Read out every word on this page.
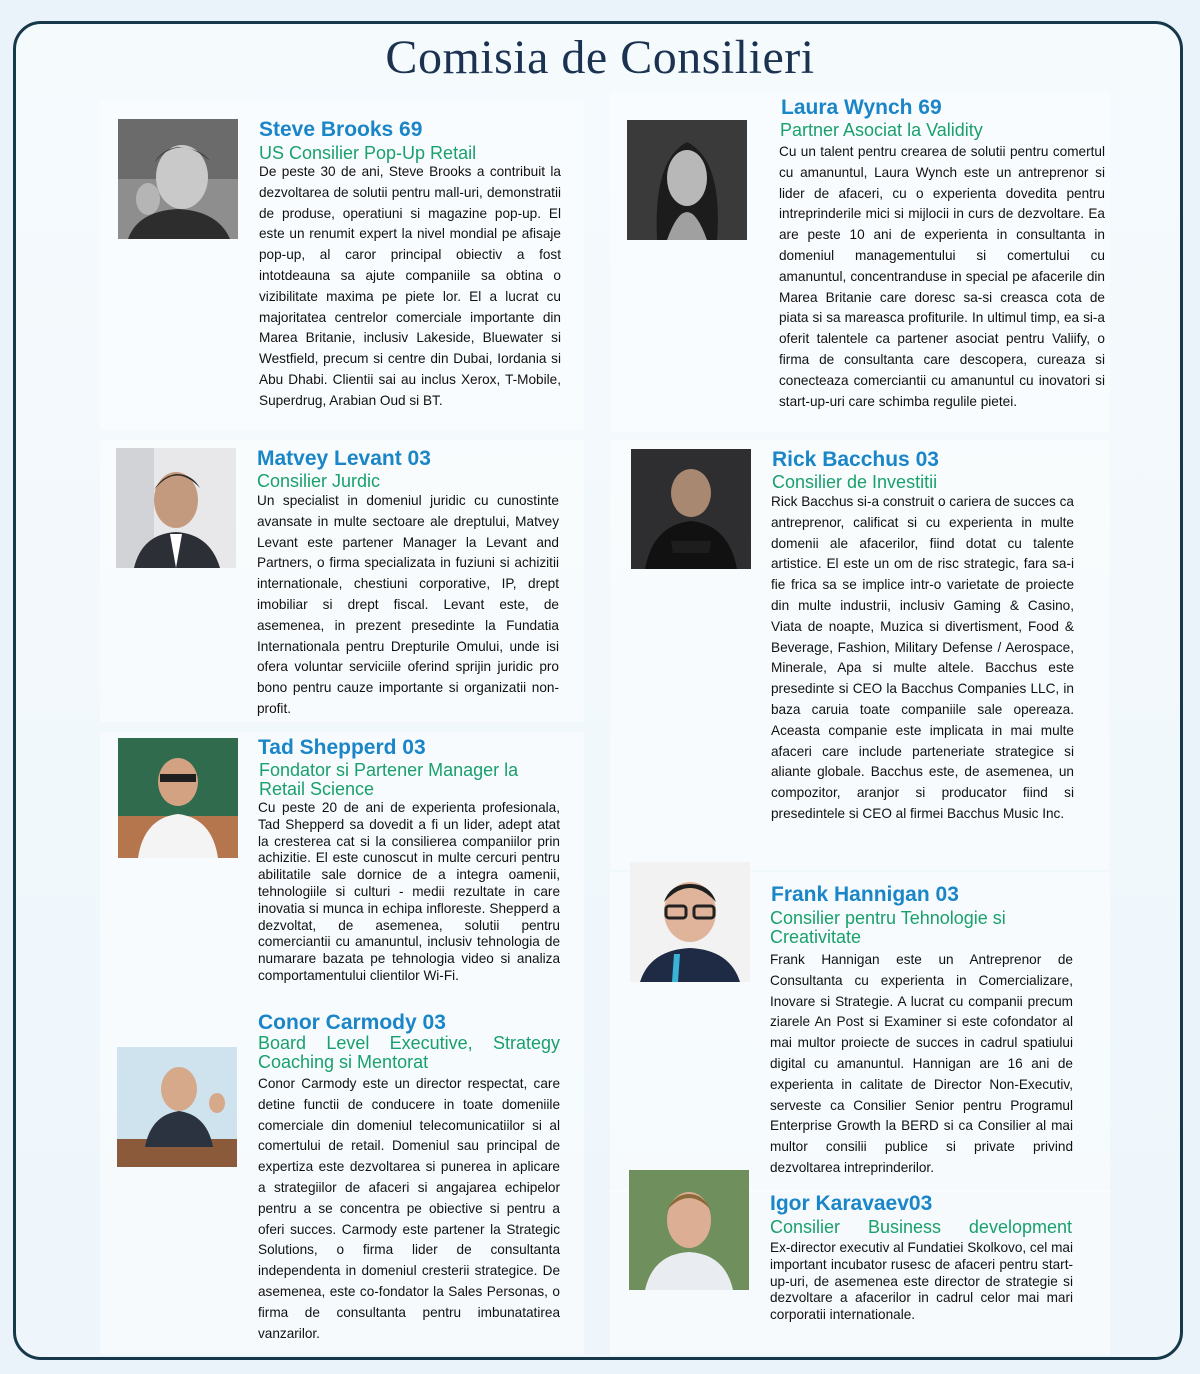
Comisia de Consilieri
Steve Brooks 69
US Consilier Pop-Up Retail
De peste 30 de ani, Steve Brooks a contribuit la dezvoltarea de solutii pentru mall-uri, demonstratii de produse, operatiuni si magazine pop-up. El este un renumit expert la nivel mondial pe afisaje pop-up, al caror principal obiectiv a fost intotdeauna sa ajute companiile sa obtina o vizibilitate maxima pe piete lor. El a lucrat cu majoritatea centrelor comerciale importante din Marea Britanie, inclusiv Lakeside, Bluewater si Westfield, precum si centre din Dubai, Iordania si Abu Dhabi. Clientii sai au inclus Xerox, T-Mobile, Superdrug, Arabian Oud si BT.
Laura Wynch 69
Partner Asociat la Validity
Cu un talent pentru crearea de solutii pentru comertul cu amanuntul, Laura Wynch este un antreprenor si lider de afaceri, cu o experienta dovedita pentru intreprinderile mici si mijlocii in curs de dezvoltare. Ea are peste 10 ani de experienta in consultanta in domeniul managementului si comertului cu amanuntul, concentranduse in special pe afacerile din Marea Britanie care doresc sa-si creasca cota de piata si sa mareasca profiturile. In ultimul timp, ea si-a oferit talentele ca partener asociat pentru Valiify, o firma de consultanta care descopera, cureaza si conecteaza comerciantii cu amanuntul cu inovatori si start-up-uri care schimba regulile pietei.
Matvey Levant 03
Consilier Jurdic
Un specialist in domeniul juridic cu cunostinte avansate in multe sectoare ale dreptului, Matvey Levant este partener Manager la Levant and Partners, o firma specializata in fuziuni si achizitii internationale, chestiuni corporative, IP, drept imobiliar si drept fiscal. Levant este, de asemenea, in prezent presedinte la Fundatia Internationala pentru Drepturile Omului, unde isi ofera voluntar serviciile oferind sprijin juridic pro bono pentru cauze importante si organizatii non-profit.
Rick Bacchus 03
Consilier de Investitii
Rick Bacchus si-a construit o cariera de succes ca antreprenor, calificat si cu experienta in multe domenii ale afacerilor, fiind dotat cu talente artistice. El este un om de risc strategic, fara sa-i fie frica sa se implice intr-o varietate de proiecte din multe industrii, inclusiv Gaming & Casino, Viata de noapte, Muzica si divertisment, Food & Beverage, Fashion, Military Defense / Aerospace, Minerale, Apa si multe altele. Bacchus este presedinte si CEO la Bacchus Companies LLC, in baza caruia toate companiile sale opereaza. Aceasta companie este implicata in mai multe afaceri care include parteneriate strategice si aliante globale. Bacchus este, de asemenea, un compozitor, aranjor si producator fiind si presedintele si CEO al firmei Bacchus Music Inc.
Tad Shepperd 03
Fondator si Partener Manager la Retail Science
Cu peste 20 de ani de experienta profesionala, Tad Shepperd sa dovedit a fi un lider, adept atat la cresterea cat si la consilierea companiilor prin achizitie. El este cunoscut in multe cercuri pentru abilitatile sale dornice de a integra oamenii, tehnologiile si culturi - medii rezultate in care inovatia si munca in echipa infloreste. Shepperd a dezvoltat, de asemenea, solutii pentru comerciantii cu amanuntul, inclusiv tehnologia de numarare bazata pe tehnologia video si analiza comportamentului clientilor Wi-Fi.
Frank Hannigan 03
Consilier pentru Tehnologie si Creativitate
Frank Hannigan este un Antreprenor de Consultanta cu experienta in Comercializare, Inovare si Strategie. A lucrat cu companii precum ziarele An Post si Examiner si este cofondator al mai multor proiecte de succes in cadrul spatiului digital cu amanuntul. Hannigan are 16 ani de experienta in calitate de Director Non-Executiv, serveste ca Consilier Senior pentru Programul Enterprise Growth la BERD si ca Consilier al mai multor consilii publice si private privind dezvoltarea intreprinderilor.
Conor Carmody 03
Board Level Executive, Strategy Coaching si Mentorat
Conor Carmody este un director respectat, care detine functii de conducere in toate domeniile comerciale din domeniul telecomunicatiilor si al comertului de retail. Domeniul sau principal de expertiza este dezvoltarea si punerea in aplicare a strategiilor de afaceri si angajarea echipelor pentru a se concentra pe obiective si pentru a oferi succes. Carmody este partener la Strategic Solutions, o firma lider de consultanta independenta in domeniul cresterii strategice. De asemenea, este co-fondator la Sales Personas, o firma de consultanta pentru imbunatatirea vanzarilor.
Igor Karavaev03
Consilier Business development
Ex-director executiv al Fundatiei Skolkovo, cel mai important incubator rusesc de afaceri pentru start-up-uri, de asemenea este director de strategie si dezvoltare a afacerilor in cadrul celor mai mari corporatii internationale.
